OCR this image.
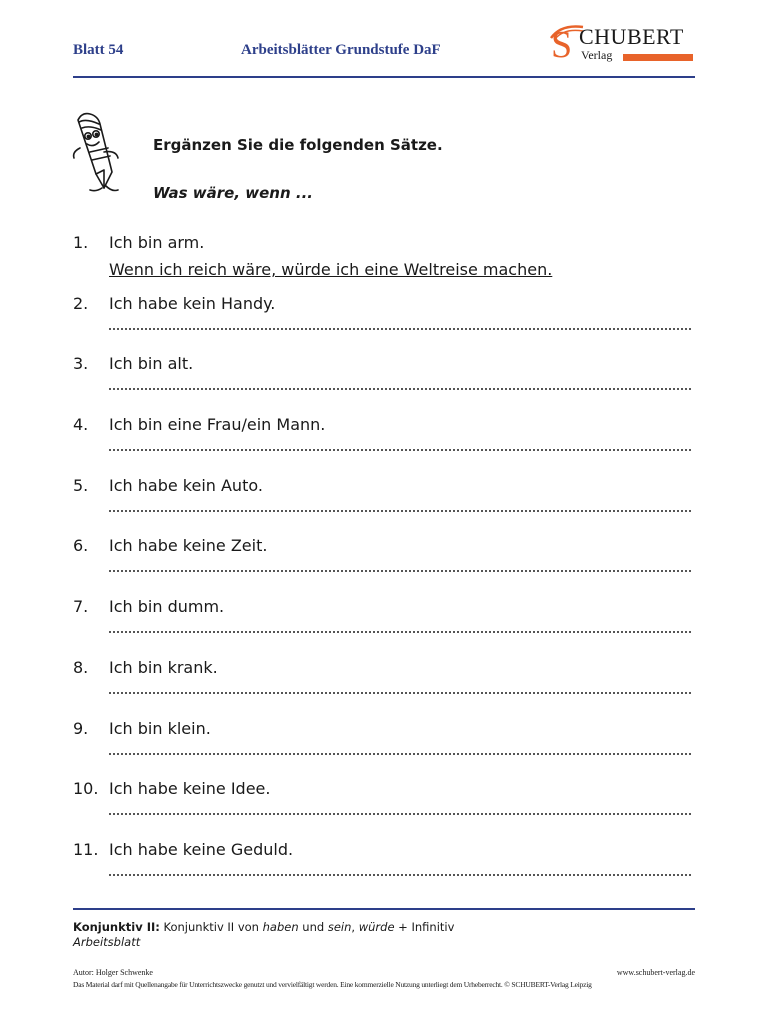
Blatt 54	Arbeitsblätter Grundstufe DaF	S CHUBERT
Verlag
Ergänzen Sie die folgenden Sätze.
Was wäre, wenn ...
1. Ich bin arm.
Wenn ich reich wäre, würde ich eine Weltreise machen.
2. Ich habe kein Handy.
3. Ich bin alt.
4. Ich bin eine Frau/ein Mann.
5. Ich habe kein Auto.
6. Ich habe keine Zeit.
7. Ich bin dumm.
8. Ich bin krank.
9. Ich bin klein.
10. Ich habe keine Idee.
11. Ich habe keine Geduld.
Konjunktiv II: Konjunktiv II von haben und sein, würde + Infinitiv
Arbeitsblatt
Autor: Holger Schwenke	www.schubert-verlag.de
Das Material darf mit Quellenangabe für Unterrichtszwecke genutzt und vervielfältigt werden. Eine kommerzielle Nutzung unterliegt dem Urheberrecht. © SCHUBERT-Verlag Leipzig
